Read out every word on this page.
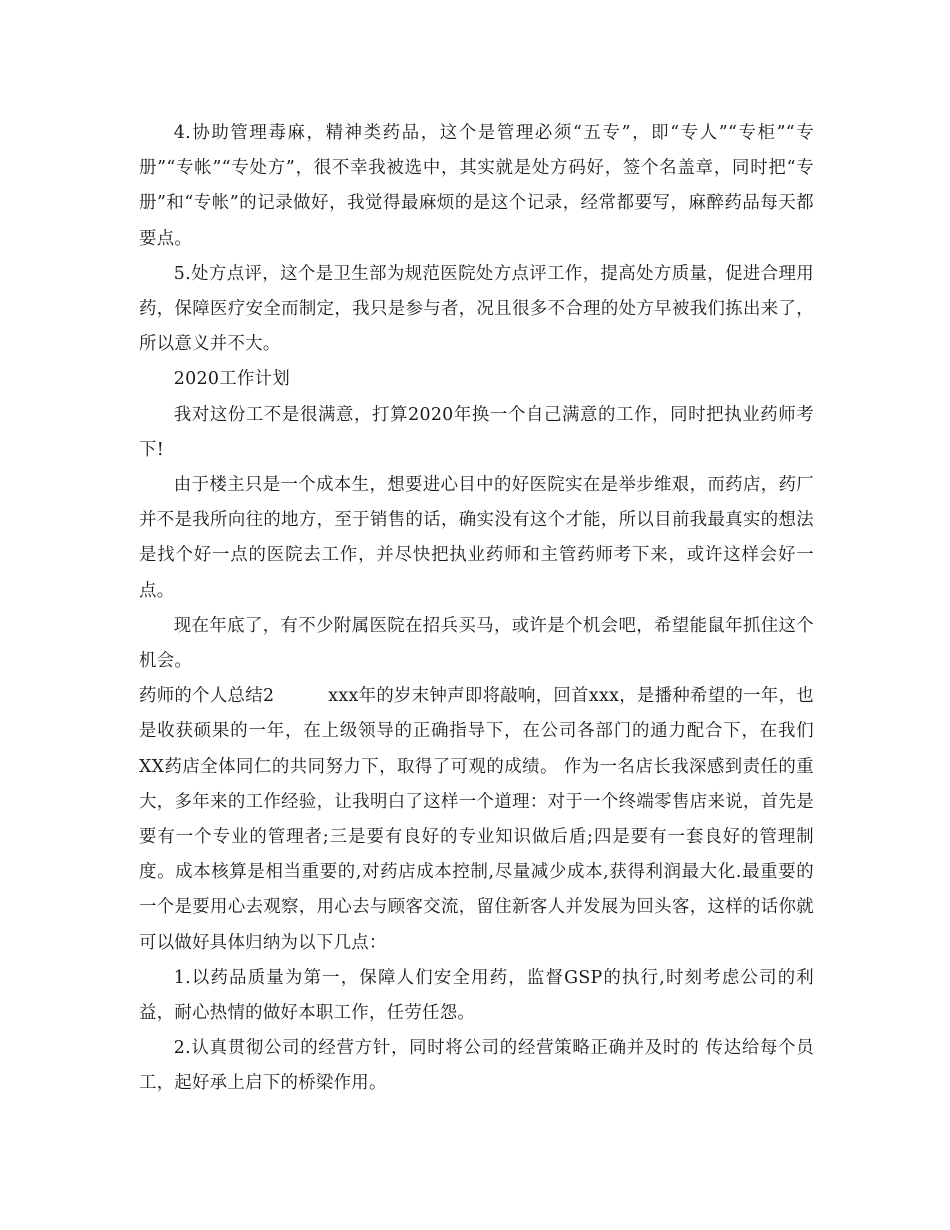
4.协助管理毒麻，精神类药品，这个是管理必须“五专”，即“专人”“专柜”“专册”“专帐”“专处方”，很不幸我被选中，其实就是处方码好，签个名盖章，同时把“专册”和“专帐”的记录做好，我觉得最麻烦的是这个记录，经常都要写，麻醉药品每天都要点。

5.处方点评，这个是卫生部为规范医院处方点评工作，提高处方质量，促进合理用药，保障医疗安全而制定，我只是参与者，况且很多不合理的处方早被我们拣出来了，所以意义并不大。

2020工作计划

我对这份工不是很满意，打算2020年换一个自己满意的工作，同时把执业药师考下!

由于楼主只是一个成本生，想要进心目中的好医院实在是举步维艰，而药店，药厂并不是我所向往的地方，至于销售的话，确实没有这个才能，所以目前我最真实的想法是找个好一点的医院去工作，并尽快把执业药师和主管药师考下来，或许这样会好一点。

现在年底了，有不少附属医院在招兵买马，或许是个机会吧，希望能鼠年抓住这个机会。

药师的个人总结2	xxx年的岁末钟声即将敲响，回首xxx，是播种希望的一年，也是收获硕果的一年，在上级领导的正确指导下，在公司各部门的通力配合下，在我们XX药店全体同仁的共同努力下，取得了可观的成绩。 作为一名店长我深感到责任的重大，多年来的工作经验，让我明白了这样一个道理：对于一个终端零售店来说，首先是要有一个专业的管理者;三是要有良好的专业知识做后盾;四是要有一套良好的管理制度。成本核算是相当重要的,对药店成本控制,尽量减少成本,获得利润最大化.最重要的一个是要用心去观察，用心去与顾客交流，留住新客人并发展为回头客，这样的话你就可以做好具体归纳为以下几点：

1.以药品质量为第一，保障人们安全用药，监督GSP的执行,时刻考虑公司的利益，耐心热情的做好本职工作，任劳任怨。

2.认真贯彻公司的经营方针，同时将公司的经营策略正确并及时的 传达给每个员工，起好承上启下的桥梁作用。
